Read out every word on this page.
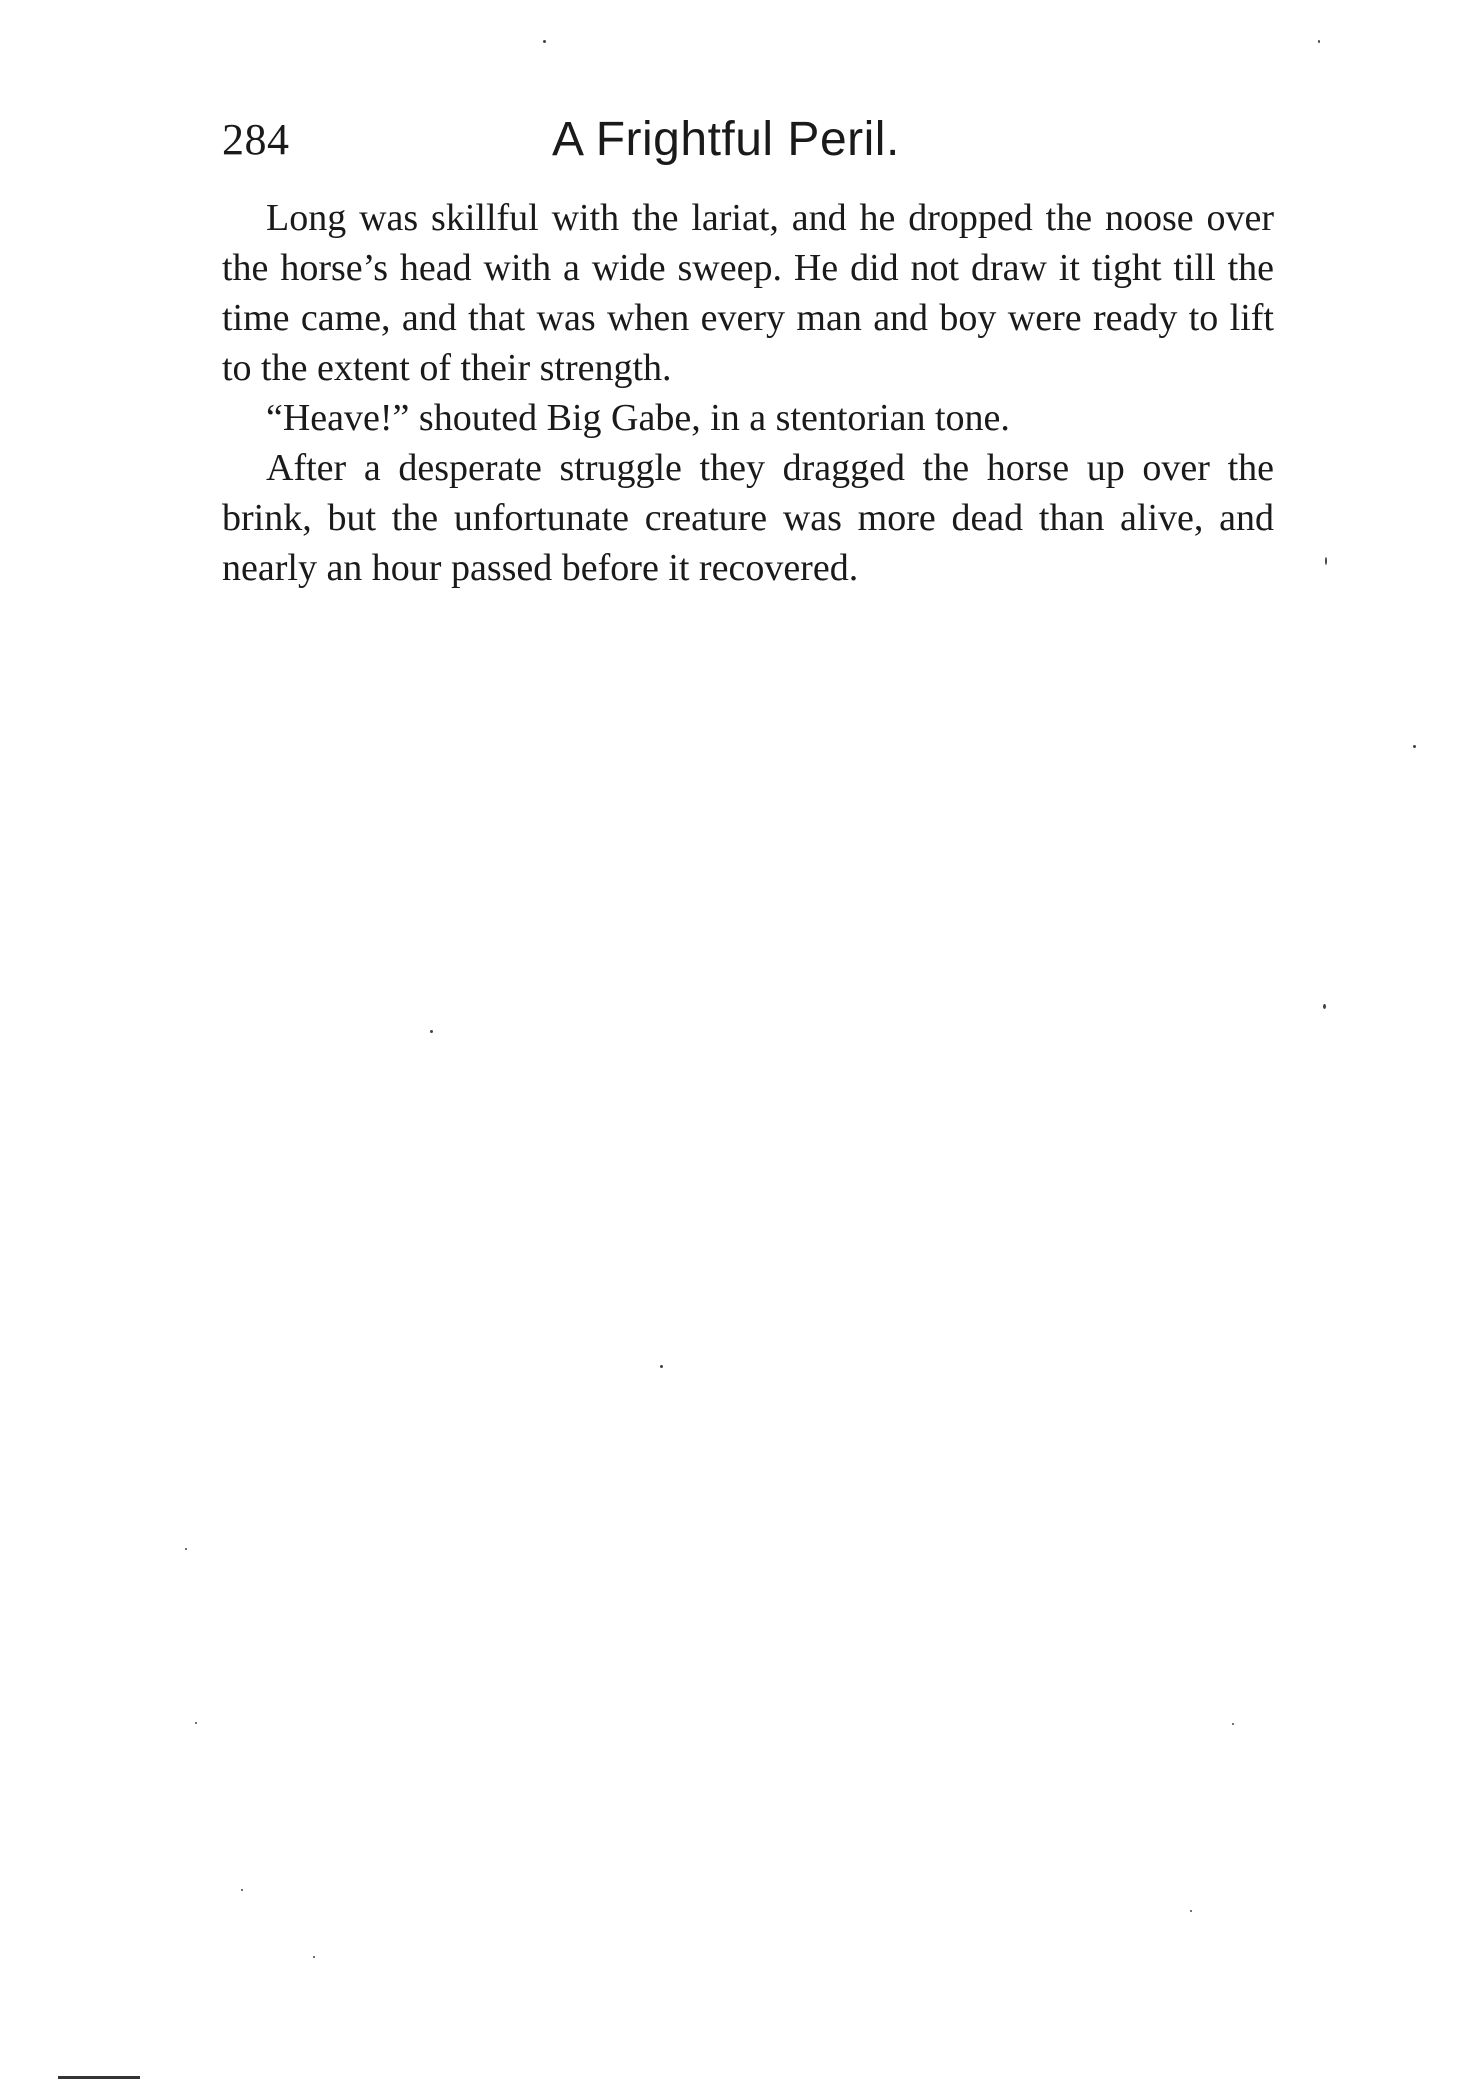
284	A Frightful Peril.

Long was skillful with the lariat, and he dropped the noose over the horse’s head with a wide sweep. He did not draw it tight till the time came, and that was when every man and boy were ready to lift to the extent of their strength.

“Heave!” shouted Big Gabe, in a stentorian tone.

After a desperate struggle they dragged the horse up over the brink, but the unfortunate creature was more dead than alive, and nearly an hour passed before it recovered.
